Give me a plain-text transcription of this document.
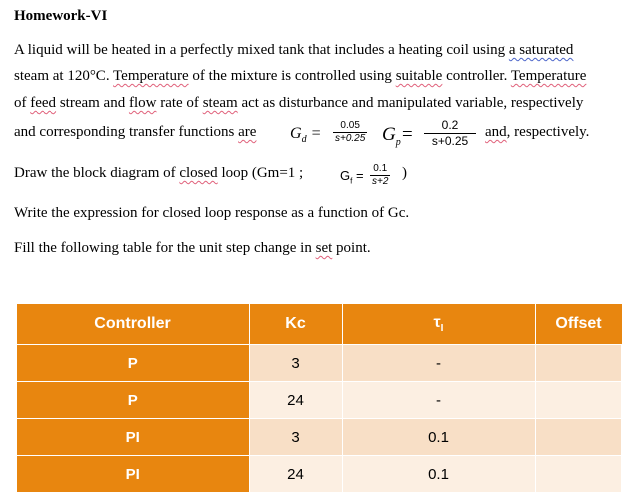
Homework-VI
A liquid will be heated in a perfectly mixed tank that includes a heating coil using a saturated
steam at 120°C. Temperature of the mixture is controlled using suitable controller. Temperature
of feed stream and flow rate of steam act as disturbance and manipulated variable, respectively
and corresponding transfer functions are $G_d = \frac{0.05}{s+0.25} G_p= \frac{0.2}{s+0.25}$ and, respectively.
Draw the block diagram of closed loop (Gm=1 ;	$G_f = \frac{0.1}{s+2}$ )
Write the expression for closed loop response as a function of Gc.
Fill the following table for the unit step change in set point.
Controller	Kc	$\tau_I$	Offset
P	3	-	
P	24	-	
PI	3	0.1	
PI	24	0.1	
